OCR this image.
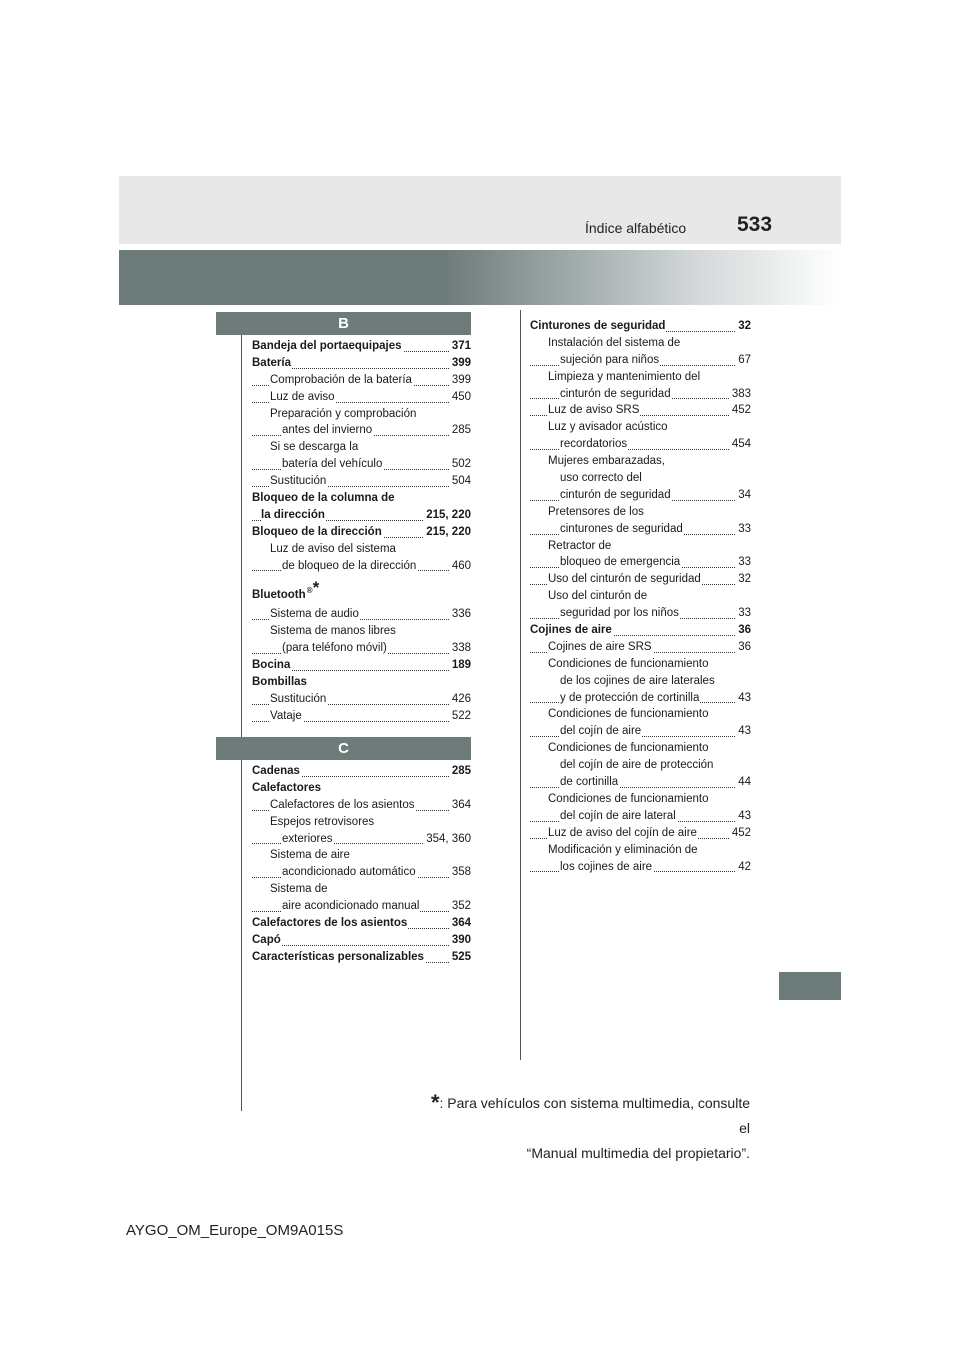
Índice alfabético 533
B
C
Bandeja del portaequipajes	371
Batería	399
Comprobación de la batería	399
Luz de aviso	450
Preparación y comprobación
antes del invierno	285
Si se descarga la
batería del vehículo	502
Sustitución	504
Bloqueo de la columna de
la dirección	215, 220
Bloqueo de la dirección	215, 220
Luz de aviso del sistema
de bloqueo de la dirección	460
Bluetooth®*
Sistema de audio	336
Sistema de manos libres
(para teléfono móvil)	338
Bocina	189
Bombillas
Sustitución	426
Vataje	522
Cadenas	285
Calefactores
Calefactores de los asientos	364
Espejos retrovisores
exteriores	354, 360
Sistema de aire
acondicionado automático	358
Sistema de
aire acondicionado manual	352
Calefactores de los asientos	364
Capó	390
Características personalizables 525
Cinturones de seguridad	32
Instalación del sistema de
sujeción para niños	67
Limpieza y mantenimiento del
cinturón de seguridad	383
Luz de aviso SRS	452
Luz y avisador acústico
recordatorios	454
Mujeres embarazadas,
uso correcto del
cinturón de seguridad	34
Pretensores de los
cinturones de seguridad	33
Retractor de
bloqueo de emergencia	33
Uso del cinturón de seguridad	32
Uso del cinturón de
seguridad por los niños	33
Cojines de aire	36
Cojines de aire SRS	36
Condiciones de funcionamiento
de los cojines de aire laterales
y de protección de cortinilla	43
Condiciones de funcionamiento
del cojín de aire	43
Condiciones de funcionamiento
del cojín de aire de protección
de cortinilla	44
Condiciones de funcionamiento
del cojín de aire lateral	43
Luz de aviso del cojín de aire	452
Modificación y eliminación de
los cojines de aire	42
*: Para vehículos con sistema multimedia, consulte el
“Manual multimedia del propietario”.
AYGO_OM_Europe_OM9A015S
